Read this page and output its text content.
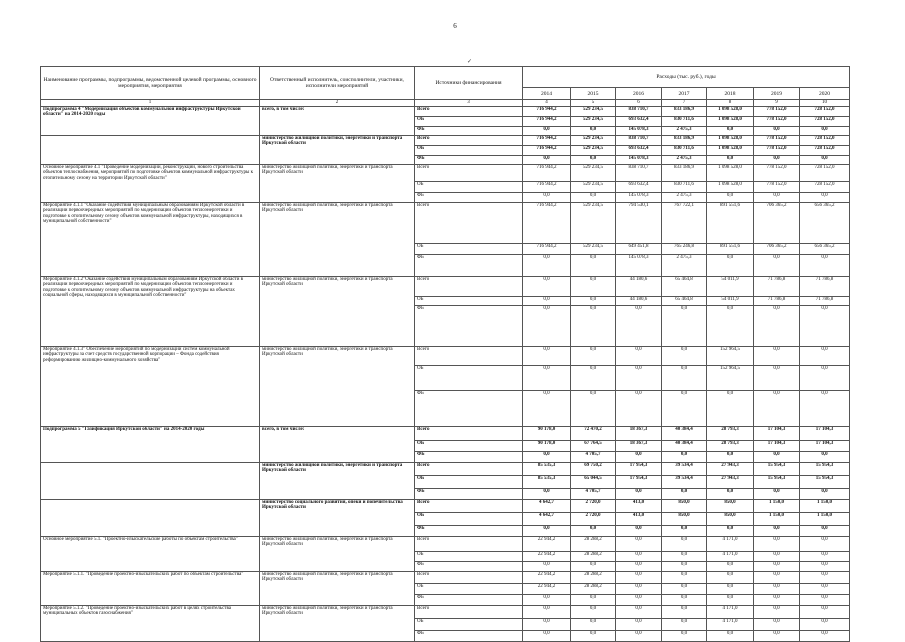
6
✓
Наименование программы, подпрограммы, ведомственной целевой программы, основного мероприятия, мероприятия	Ответственный исполнитель, соисполнители, участники, исполнители мероприятий	Источники финансирования	Расходы (тыс. руб.), годы						
			2014	2015	2016	2017	2018	2019	2020
1	2	3	4	5	6	7	8	9	10
Подпрограмма 4 "Модернизация объектов коммунальной инфраструктуры Иркутской области" на 2014-2020 годы	всего, в том числе:	Всего	716 944,2	529 234,5	838 710,7	833 186,9	1 098 528,0	778 152,0	728 152,0
		ОБ	716 944,2	529 234,5	693 632,4	830 711,6	1 098 528,0	778 152,0	728 152,0
		ФБ	0,0	0,0	145 078,3	2 475,3	0,0	0,0	0,0
	министерство жилищной политики, энергетики и транспорта Иркутской области	Всего	716 944,2	529 234,5	838 710,7	833 186,9	1 098 528,0	778 152,0	728 152,0
		ОБ	716 944,2	529 234,5	693 632,4	830 711,6	1 098 528,0	778 152,0	728 152,0
		ФБ	0,0	0,0	145 078,3	2 475,3	0,0	0,0	0,0
Основное мероприятие 4.1 "Проведение модернизации, реконструкции, нового строительства объектов теплоснабжения, мероприятий по подготовке объектов коммунальной инфраструктуры к отопительному сезону на территории Иркутской области"	министерство жилищной политики, энергетики и транспорта Иркутской области	Всего	716 944,2	529 234,5	838 710,7	833 186,9	1 098 528,0	778 152,0	728 152,0
		ОБ	716 944,2	529 234,5	693 632,4	830 711,6	1 098 528,0	778 152,0	728 152,0
		ФБ	0,0	0,0	145 078,3	2 475,3	0,0	0,0	0,0
Мероприятие 4.1.1 "Оказание содействия муниципальным образованиям Иркутской области в реализации первоочередных мероприятий по модернизации объектов теплоэнергетики и подготовке к отопительному сезону объектов коммунальной инфраструктуры, находящихся в муниципальной собственности"	министерство жилищной политики, энергетики и транспорта Иркутской области	Всего	716 944,2	529 234,5	794 530,1	767 722,1	891 551,6	706 365,2	656 365,2
		ОБ	716 944,2	529 234,5	649 451,8	765 246,8	891 551,6	706 365,2	656 365,2
		ФБ	0,0	0,0	145 078,3	2 475,3	0,0	0,0	0,0
Мероприятие 4.1.2"Оказание содействия муниципальным образованиям Иркутской области в реализации первоочередных мероприятий по модернизации объектов теплоэнергетики и подготовке к отопительному сезону объектов коммунальной инфраструктуры на объектах социальной сферы, находящихся в муниципальной собственности"	министерство жилищной политики, энергетики и транспорта Иркутской области	Всего	0,0	0,0	44 180,6	65 464,8	54 011,9	71 786,8	71 786,8
		ОБ	0,0	0,0	44 180,6	65 464,8	54 011,9	71 786,8	71 786,8
		ФБ	0,0	0,0	0,0	0,0	0,0	0,0	0,0
Мероприятие 4.1.3" Обеспечение мероприятий по модернизации систем коммунальной инфраструктуры за счет средств государственной корпорации – Фонда содействия реформированию жилищно-коммунального хозяйства"	министерство жилищной политики, энергетики и транспорта Иркутской области	Всего	0,0	0,0	0,0	0,0	152 964,5	0,0	0,0
		ОБ	0,0	0,0	0,0	0,0	152 964,5	0,0	0,0
		ФБ	0,0	0,0	0,0	0,0	0,0	0,0	0,0
Подпрограмма 5 "Газификация Иркутской области" на 2014-2020 годы	всего, в том числе:	Всего	90 178,0	72 470,2	18 367,3	40 384,4	28 793,3	17 104,3	17 104,3
		ОБ	90 178,0	67 764,5	18 367,3	40 384,4	28 793,3	17 104,3	17 104,3
		ФБ	0,0	4 705,7	0,0	0,0	0,0	0,0	0,0
	министерство жилищной политики, энергетики и транспорта Иркутской области	Всего	85 535,3	69 750,2	17 954,3	39 534,4	27 943,3	15 954,3	15 954,3
		ОБ	85 535,3	65 044,5	17 954,3	39 534,4	27 943,3	15 954,3	15 954,3
		ФБ	0,0	4 705,7	0,0	0,0	0,0	0,0	0,0
	министерство социального развития, опеки и попечительства Иркутской области	Всего	4 642,7	2 720,0	413,0	850,0	850,0	1 150,0	1 150,0
		ОБ	4 642,7	2 720,0	413,0	850,0	850,0	1 150,0	1 150,0
		ФБ	0,0	0,0	0,0	0,0	0,0	0,0	0,0
Основное мероприятие 5.1. "Проектно-изыскательские работы по объектам строительства"	министерство жилищной политики, энергетики и транспорта Иркутской области	Всего	22 944,2	28 288,2	0,0	0,0	4 171,0	0,0	0,0
		ОБ	22 944,2	28 288,2	0,0	0,0	4 171,0	0,0	0,0
		ФБ	0,0	0,0	0,0	0,0	0,0	0,0	0,0
Мероприятие 5.1.1. "Проведение проектно-изыскательских работ по объектам строительства"	министерство жилищной политики, энергетики и транспорта Иркутской области	Всего	22 944,2	28 288,2	0,0	0,0	0,0	0,0	0,0
		ОБ	22 944,2	28 288,2	0,0	0,0	0,0	0,0	0,0
		ФБ	0,0	0,0	0,0	0,0	0,0	0,0	0,0
Мероприятие 5.1.2. "Проведение проектно-изыскательских работ в целях строительства муниципальных объектов газоснабжения"	министерство жилищной политики, энергетики и транспорта Иркутской области	Всего	0,0	0,0	0,0	0,0	4 171,0	0,0	0,0
		ОБ	0,0	0,0	0,0	0,0	4 171,0	0,0	0,0
		ФБ	0,0	0,0	0,0	0,0	0,0	0,0	0,0
